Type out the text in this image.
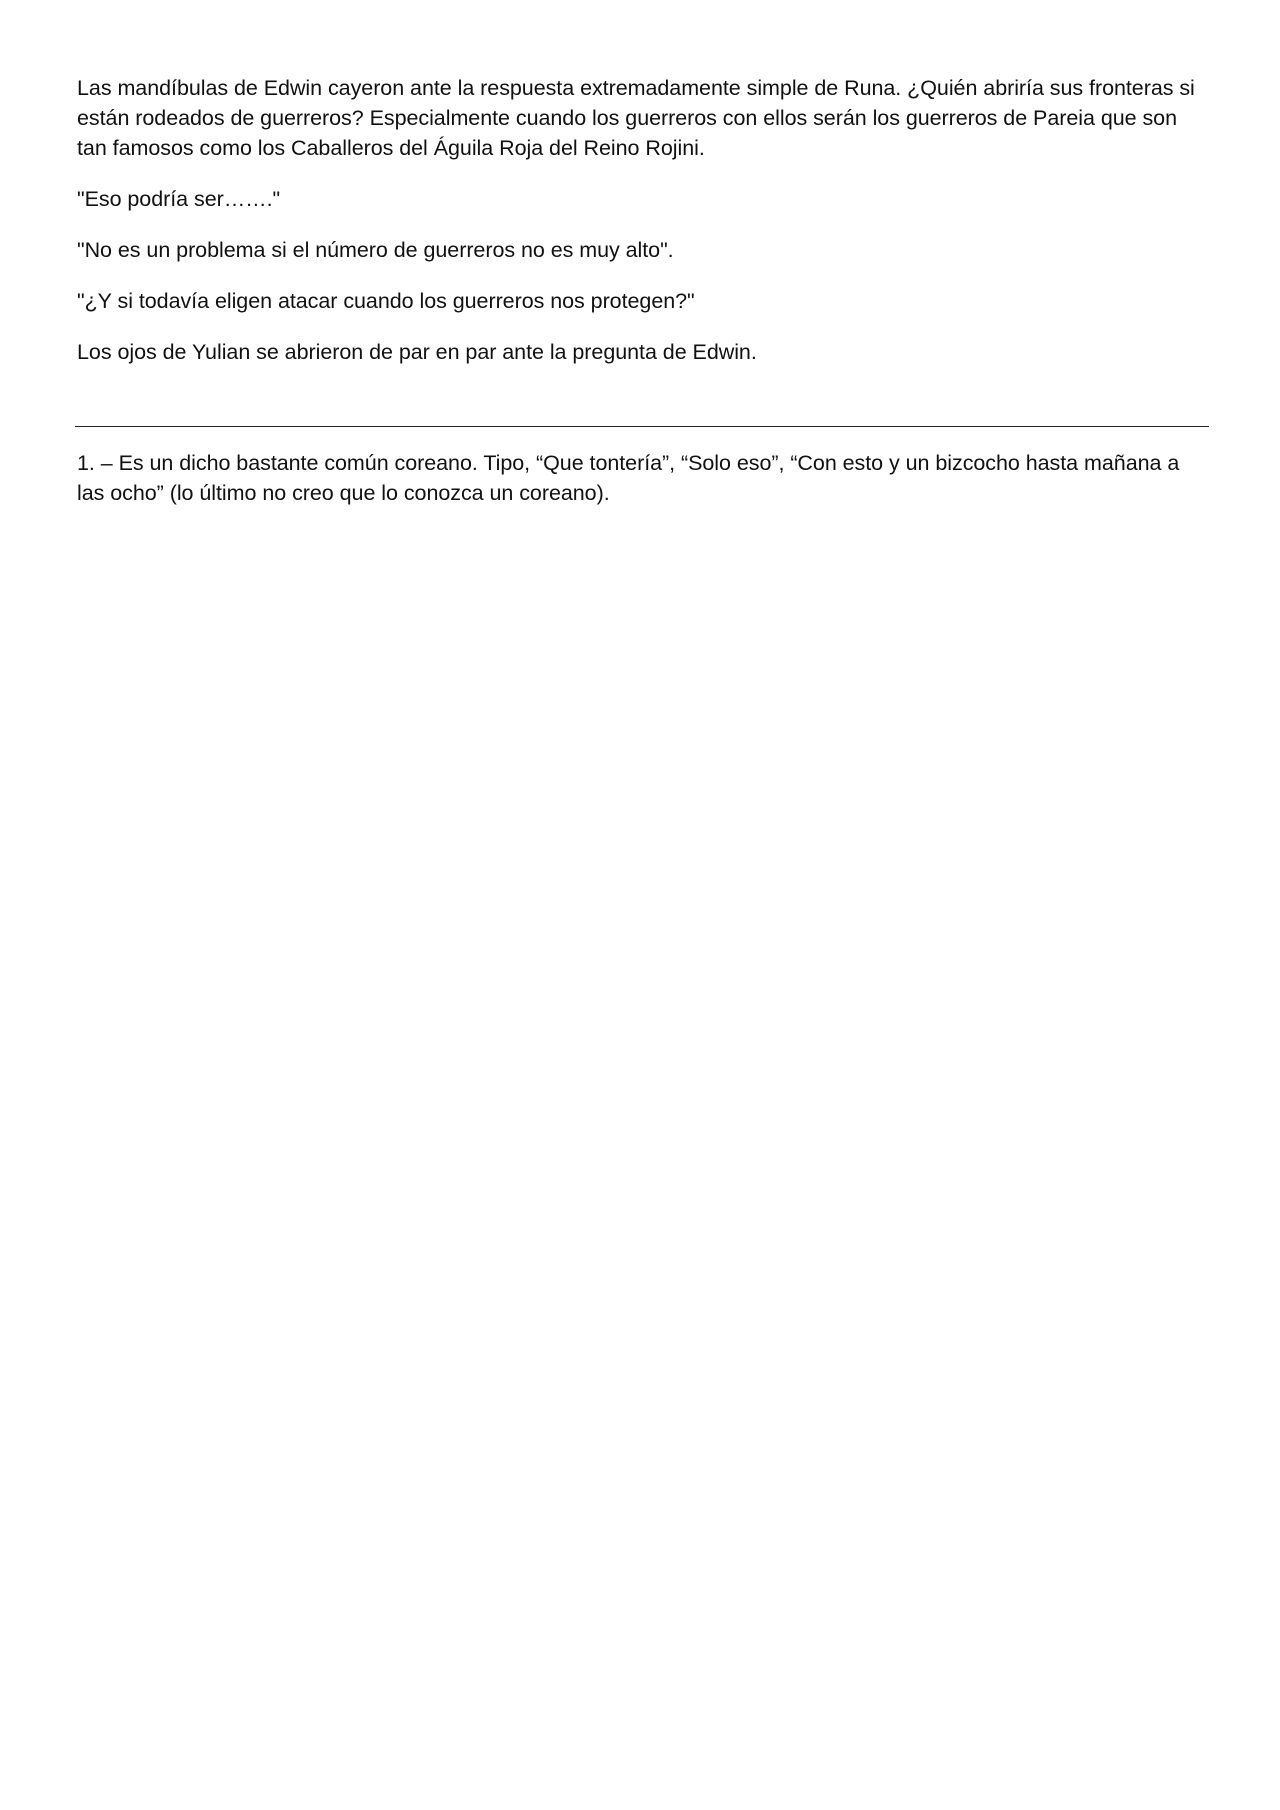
Las mandíbulas de Edwin cayeron ante la respuesta extremadamente simple de Runa. ¿Quién abriría sus fronteras si están rodeados de guerreros? Especialmente cuando los guerreros con ellos serán los guerreros de Pareia que son tan famosos como los Caballeros del Águila Roja del Reino Rojini.

"Eso podría ser……."

"No es un problema si el número de guerreros no es muy alto".

"¿Y si todavía eligen atacar cuando los guerreros nos protegen?"

Los ojos de Yulian se abrieron de par en par ante la pregunta de Edwin.

1. – Es un dicho bastante común coreano. Tipo, “Que tontería”, “Solo eso”, “Con esto y un bizcocho hasta mañana a las ocho” (lo último no creo que lo conozca un coreano).
